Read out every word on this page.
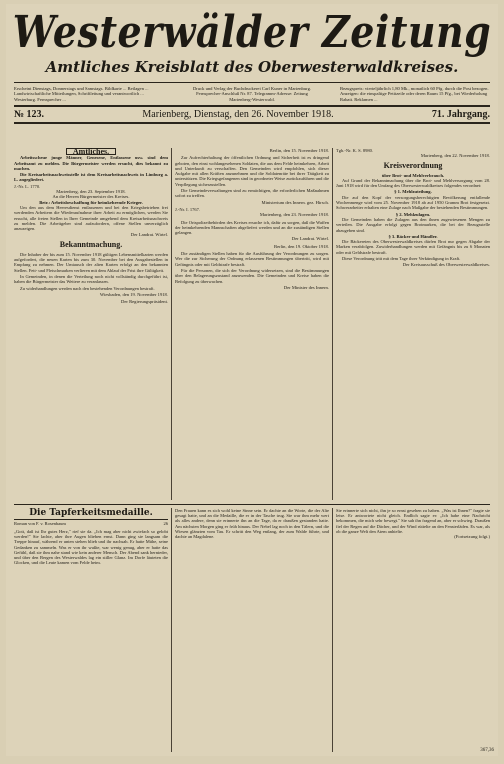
Westerwälder Zeitung
Amtliches Kreisblatt des Oberwesterwaldkreises.
Erscheint Dienstags, Donnerstags und Samstags. Bildkarte ... Beilagen ... Landwirtschaftliche Mitteilungen, Schriftleitung und verantwortlich ... Westerburg. Fernsprecher ...
Druck und Verlag der Buchdruckerei Carl Kuner in Marienburg. Fernsprecher-Anschluß Nr. 87. Telegramm-Adresse: Zeitung Marienberg-Westerwald.
Bezugspreis: vierteljährlich 1,80 Mk., monatlich 60 Pfg. durch die Post bezogen. Anzeigen: die einspaltige Petitzeile oder deren Raum 15 Pfg., bei Wiederholung Rabatt. Reklamen ...
№ 123.	Marienberg, Dienstag, den 26. November 1918.	71. Jahrgang.
Amtliches.

Arbeitsscheue junge Männer, Genesene, Entlassene usw. sind dem Arbeitsamt zu melden. Die Bürgermeister werden ersucht, dies bekannt zu machen.

Die Kreisarbeitsnachweisstelle ist dem Kreisarbeitsnachweis in Limburg a. L. angegliedert.

J.-Nr. L. 1770.
Marienberg, den 23. September 1918.
An die Herren Bürgermeister des Kreises.
Betr.: Arbeitsbeschaffung für heimkehrende Krieger.

Um den aus dem Heeresdienst entlassenen und bei den Kriegsbetrieben frei werdenden Arbeitern die Wiederaufnahme ihrer Arbeit zu ermöglichen, werden Sie ersucht, alle freien Stellen in Ihrer Gemeinde umgehend dem Kreisarbeitsnachweis zu melden. Die Arbeitgeber sind aufzufordern, offene Stellen unverzüglich anzuzeigen.

Der Landrat. Wirtel.
Bekanntmachung.

Die Inhaber der bis zum 15. November 1918 gültigen Lebensmittelkarten werden aufgefordert, die neuen Karten bis zum 30. November bei den Ausgabestellen in Empfang zu nehmen. Der Umtausch der alten Karten erfolgt an den bekannten Stellen. Fett- und Fleischmarken verlieren mit dem Ablauf der Frist ihre Gültigkeit.

In Gemeinden, in denen die Verteilung noch nicht vollständig durchgeführt ist, haben die Bürgermeister das Weitere zu veranlassen.

Zu widerhandlungen werden nach den bestehenden Verordnungen bestraft.

Wiesbaden, den 19. November 1918.
Der Regierungspräsident.
Berlin, den 15. November 1918.

Zur Aufrechterhaltung der öffentlichen Ordnung und Sicherheit ist es dringend geboten, den einst wohlangesehenen Soldaten, die aus dem Felde heimkehren, Arbeit und Unterkunft zu verschaffen. Den Gemeinden wird empfohlen, sich dieser Aufgabe mit allen Kräften anzunehmen und die Soldatenräte bei ihrer Tätigkeit zu unterstützen. Die Kriegsgefangenen sind in geordneter Weise zurückzuführen und die Verpflegung sicherzustellen.

Die Gemeindeverwaltungen sind zu ermächtigen, die erforderlichen Maßnahmen sofort zu treffen.

Ministerium des Innern. gez. Hirsch.
J.-Nr. I. 1767.
Marienberg, den 23. November 1918.

Die Ortspolizeibehörden des Kreises ersuche ich, dafür zu sorgen, daß die Waffen der heimkehrenden Mannschaften abgeliefert werden und an die zuständigen Stellen gelangen.

Der Landrat. Wirtel.
Berlin, den 19. Oktober 1918.

Die zuständigen Stellen haben für die Ausführung der Verordnungen zu sorgen. Wer die zur Sicherung der Ordnung erlassenen Bestimmungen übertritt, wird mit Gefängnis oder mit Geldstrafe bestraft.

Für die Personen, die sich der Verordnung widersetzen, sind die Bestimmungen über den Belagerungszustand anzuwenden. Die Gemeinden und Kreise haben die Befolgung zu überwachen.

Der Minister des Innern.
Tgb.-Nr. K. S. 8980.
Marienberg, den 22. November 1918.
Kreisverordnung
über Brot- und Mehlverbrauch.

Auf Grund der Bekanntmachung über die Brot- und Mehlversorgung vom 28. Juni 1918 wird für den Umfang des Oberwesterwaldkreises folgendes verordnet:

§ 1. Mehlzuteilung.

Die auf den Kopf der versorgungsberechtigten Bevölkerung entfallende Wochenmenge wird vom 25. November 1918 ab auf 1950 Gramm Brot festgesetzt. Schwerarbeiter erhalten eine Zulage nach Maßgabe der bestehenden Bestimmungen.

§ 2. Mehlzulagen.

Die Gemeinden haben die Zulagen aus den ihnen zugewiesenen Mengen zu verteilen. Die Ausgabe erfolgt gegen Brotmarken, die bei der Bezugsstelle abzugeben sind.

§ 3. Bäcker und Händler.

Die Bäckereien des Oberwesterwaldkreises dürfen Brot nur gegen Abgabe der Marken verabfolgen. Zuwiderhandlungen werden mit Gefängnis bis zu 6 Monaten oder mit Geldstrafe bestraft.

Diese Verordnung tritt mit dem Tage ihrer Verkündigung in Kraft.

Der Kreisausschuß des Oberwesterwaldkreises.
Die Tapferkeitsmedaille.
Roman von F. v. Rosenbaum	26
„Gott, daß ist Ihr gutes Herz," rief sie da. „Ich mag aber nicht zwiefach so gelobt werden!" Sie lachte, aber ihre Augen blieben ernst. Dann ging sie langsam die Treppe hinauf, während er unten stehen blieb und ihr nachsah. Er hatte Mühe, seine Gedanken zu sammeln. Was er von ihr wußte, war wenig genug, aber er hatte das Gefühl, daß sie ihm nahe stand wie kein anderer Mensch. Der Abend sank hernieder, und über den Bergen des Westerwaldes lag ein stiller Glanz. Im Dorfe läuteten die Glocken, und die Leute kamen vom Felde heim.
Den Frauen kann es sich wohl keine Sinne sein. Er dachte an die Worte, die der Alte gesagt hatte, und an die Medaille, die er in der Tasche trug. Sie war ihm mehr wert als alles andere, denn sie erinnerte ihn an die Tage, da er draußen gestanden hatte. Am nächsten Morgen ging er früh hinaus. Der Nebel lag noch in den Tälern, und die Wiesen glänzten vom Tau. Er schritt den Weg entlang, der zum Walde führte, und dachte an Magdalene.
Sie erinnerte sich nicht, ihn je so ernst gesehen zu haben. „Was ist Ihnen?" fragte sie leise. Er antwortete nicht gleich. Endlich sagte er: „Ich habe eine Nachricht bekommen, die mich sehr bewegt." Sie sah ihn fragend an, aber er schwieg. Draußen fiel der Regen auf die Dächer, und der Wind rüttelte an den Fensterläden. Es war, als ob die ganze Welt den Atem anhielte.
(Fortsetzung folgt.)
367,36
